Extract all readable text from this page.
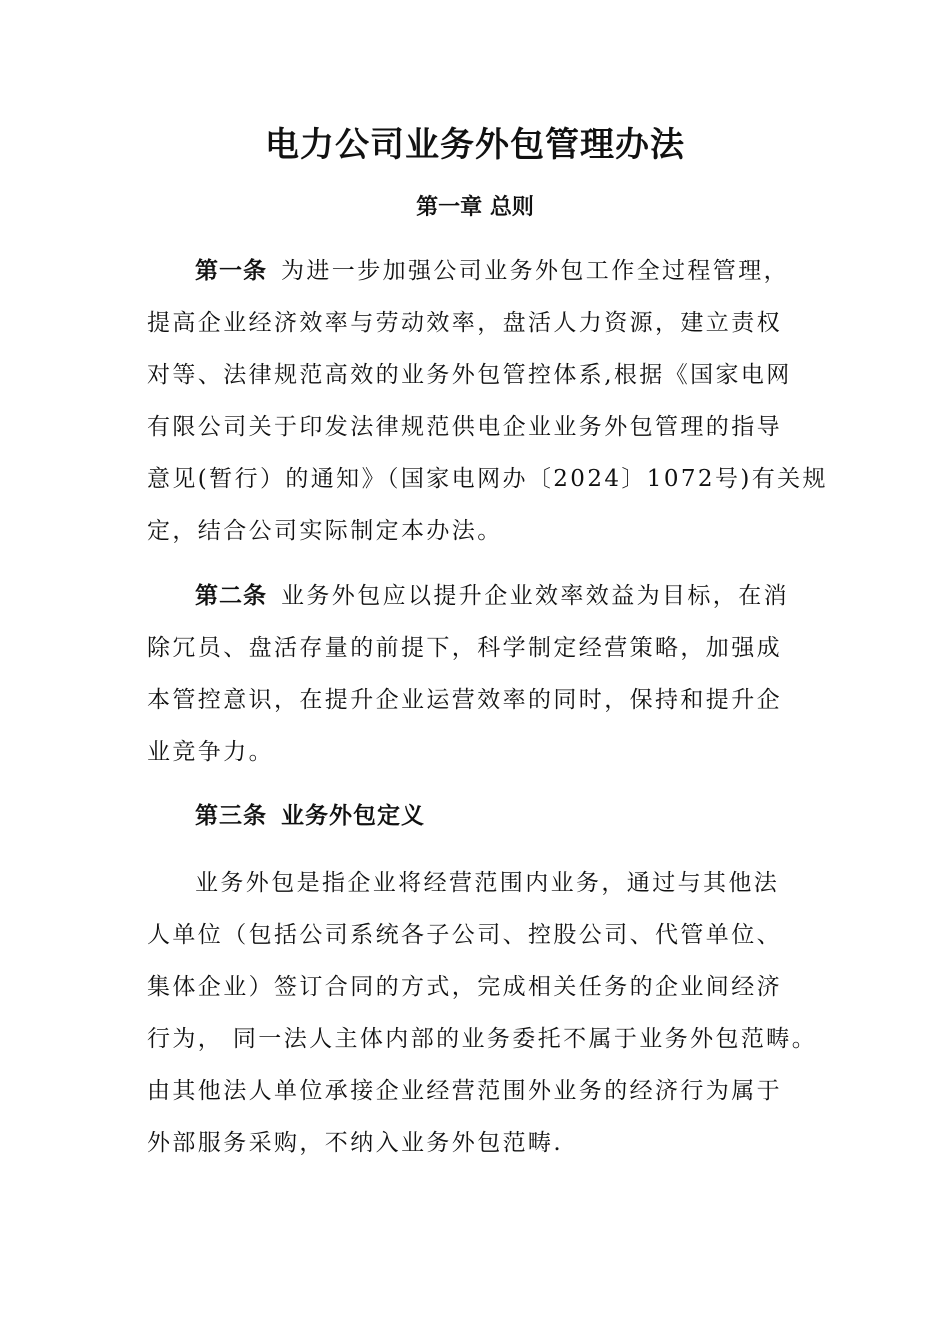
电力公司业务外包管理办法
第一章 总则
第一条 为进一步加强公司业务外包工作全过程管理，
提高企业经济效率与劳动效率，盘活人力资源，建立责权
对等、法律规范高效的业务外包管控体系,根据《国家电网
有限公司关于印发法律规范供电企业业务外包管理的指导
意见(暂行）的通知》（国家电网办〔2024〕1072号)有关规
定，结合公司实际制定本办法。
第二条 业务外包应以提升企业效率效益为目标，在消
除冗员、盘活存量的前提下，科学制定经营策略，加强成
本管控意识，在提升企业运营效率的同时，保持和提升企
业竞争力。

第三条 业务外包定义

业务外包是指企业将经营范围内业务，通过与其他法
人单位（包括公司系统各子公司、控股公司、代管单位、
集体企业）签订合同的方式，完成相关任务的企业间经济
行为， 同一法人主体内部的业务委托不属于业务外包范畴。
由其他法人单位承接企业经营范围外业务的经济行为属于
外部服务采购，不纳入业务外包范畴.
